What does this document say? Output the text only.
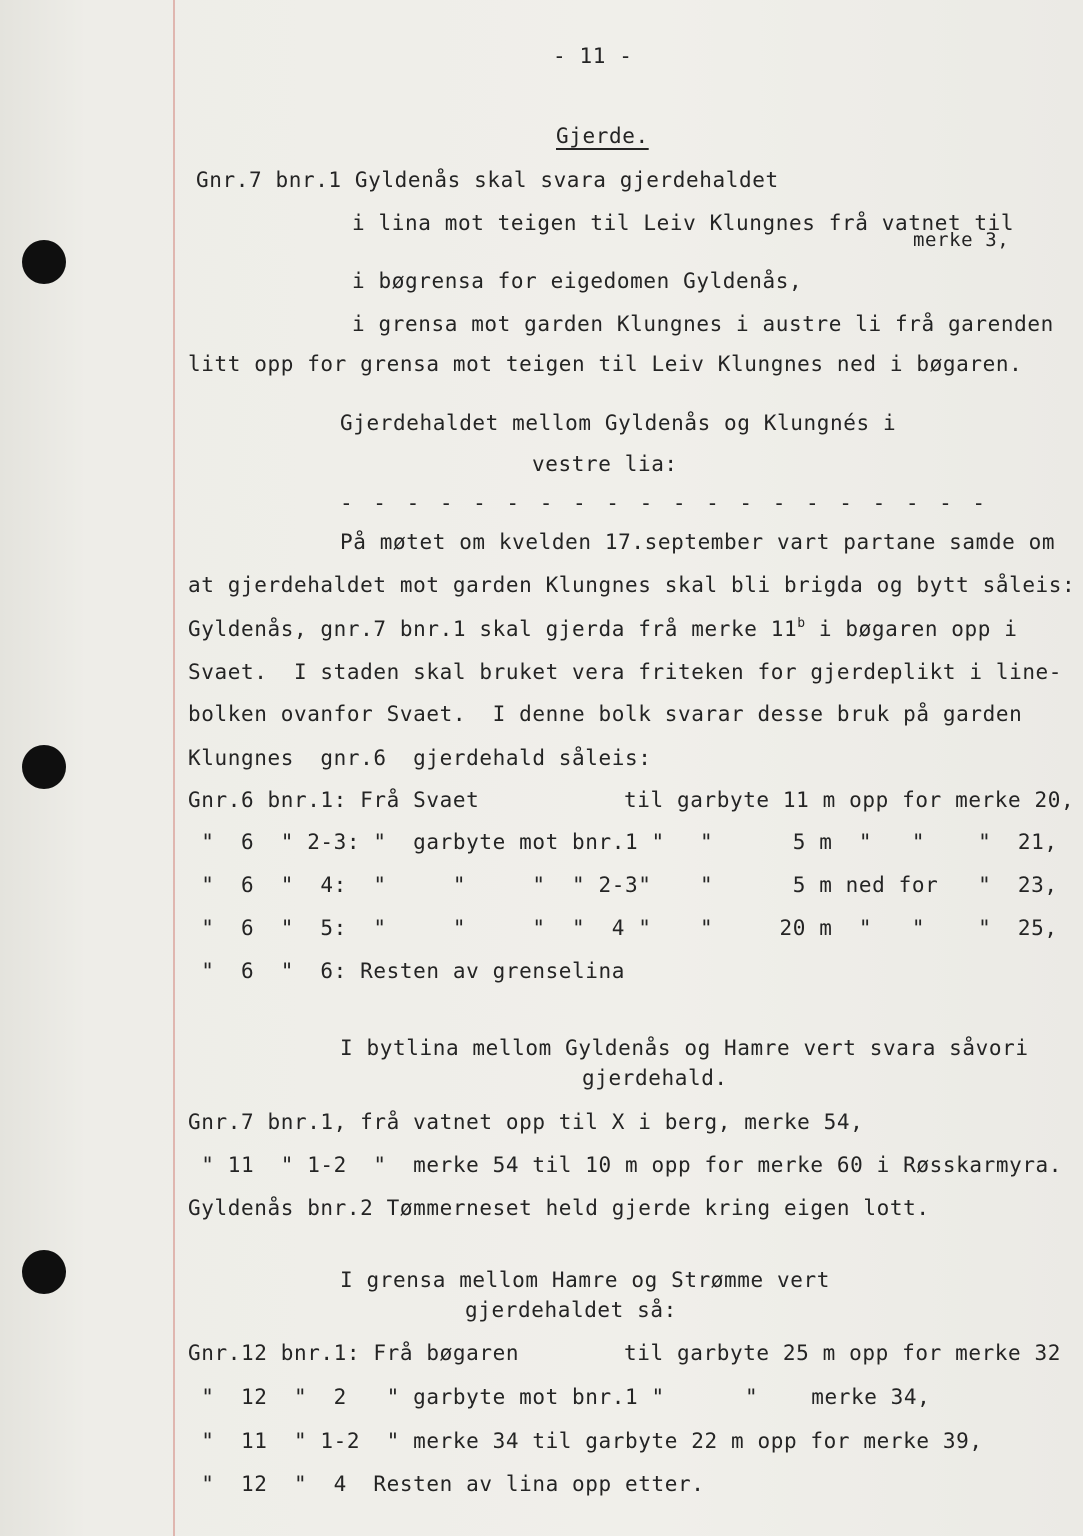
- 11 -

Gjerde.

Gnr.7 bnr.1 Gyldenås skal svara gjerdehaldet

i lina mot teigen til Leiv Klungnes frå vatnet til

merke 3,

i bøgrensa for eigedomen Gyldenås,

i grensa mot garden Klungnes i austre li frå garenden

litt opp for grensa mot teigen til Leiv Klungnes ned i bøgaren.

Gjerdehaldet mellom Gyldenås og Klungnés i

vestre lia:

- - - - - - - - - - - - - - - - - - - -

På møtet om kvelden 17.september vart partane samde om

at gjerdehaldet mot garden Klungnes skal bli brigda og bytt såleis:

Gyldenås, gnr.7 bnr.1 skal gjerda frå merke 11$^b$ i bøgaren opp i

Svaet.  I staden skal bruket vera friteken for gjerdeplikt i line-

bolken ovanfor Svaet.  I denne bolk svarar desse bruk på garden

Klungnes  gnr.6  gjerdehald såleis:

Gnr.6 bnr.1: Frå Svaet	til garbyte 11 m opp for merke 20,

"  6  " 2-3: "  garbyte mot bnr.1 " "      5 m  "   "    "  21,

"  6  "  4:  "     "     "  " 2-3" "      5 m ned for   "  23,

"  6  "  5:  "     "     "  "  4 " "     20 m  "   "    "  25,

"  6  "  6: Resten av grenselina

I bytlina mellom Gyldenås og Hamre vert svara såvori

gjerdehald.

Gnr.7 bnr.1, frå vatnet opp til X i berg, merke 54,

" 11  " 1-2  "  merke 54 til 10 m opp for merke 60 i Røsskarmyra.

Gyldenås bnr.2 Tømmerneset held gjerde kring eigen lott.

I grensa mellom Hamre og Strømme vert

gjerdehaldet så:

Gnr.12 bnr.1: Frå bøgaren	til garbyte 25 m opp for merke 32

"  12  "  2   " garbyte mot bnr.1 "	"    merke 34,

"  11  " 1-2  " merke 34 til garbyte 22 m opp for merke 39,

"  12  "  4  Resten av lina opp etter.
